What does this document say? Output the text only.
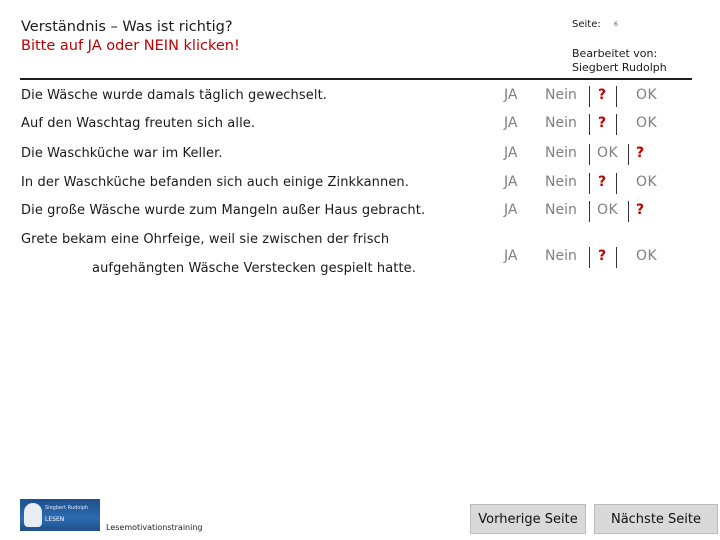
Verständnis – Was ist richtig?
Bitte auf JA oder NEIN klicken!
Seite: 6
Bearbeitet von:
Siegbert Rudolph
Die Wäsche wurde damals täglich gewechselt.	JA Nein ? OK
Auf den Waschtag freuten sich alle.	JA Nein ? OK
Die Waschküche war im Keller.	JA Nein OK ?
In der Waschküche befanden sich auch einige Zinkkannen.	JA Nein ? OK
Die große Wäsche wurde zum Mangeln außer Haus gebracht.	JA Nein OK ?
Grete bekam eine Ohrfeige, weil sie zwischen der frisch
aufgehängten Wäsche Verstecken gespielt hatte.
JA Nein ? OK
Siegbert Rudolph
LESEN
Lesemotivationstraining
Vorherige Seite	Nächste Seite
